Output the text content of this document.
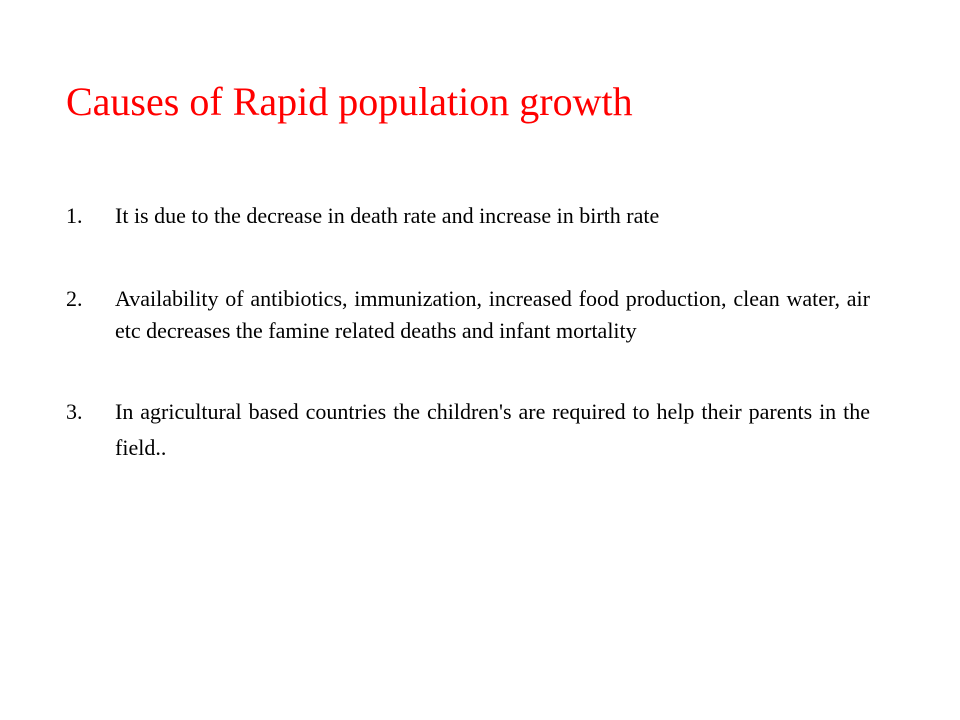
Causes of Rapid population growth
1.	It is due to the decrease in death rate and increase in birth rate
2.	Availability of antibiotics, immunization, increased food production, clean water, air etc decreases the famine related deaths and infant mortality
3.	In agricultural based countries the children's are required to help their parents in the field..
